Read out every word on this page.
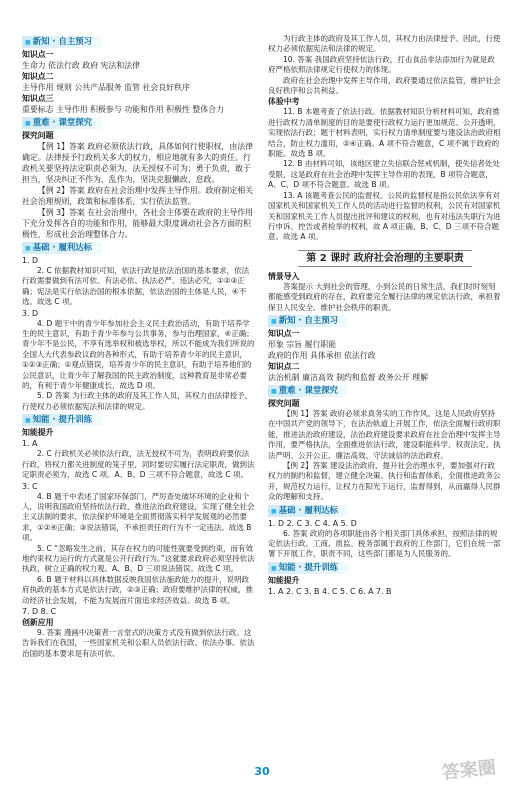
■ 新知 · 自主预习

知识点一

生命力 依法行政 政府 宪法和法律

知识点二

主导作用 规则 公共产品服务 监管 社会良好秩序

知识点三

重要标志 主导作用 积极参与 功能和作用 积极性 整体合力

■ 重难 · 课堂探究

探究问题

【例 1】答案 政府必须依法行政，具体如何行使职权，由法律确定。法律授予行政机关多大的权力，相应地就有多大的责任。行政机关要坚持法定职责必须为，法无授权不可为；勇于负责，敢于担当，坚决纠正不作为、乱作为，坚决克服懒政、怠政。

【例 2】答案 政府在社会治理中发挥主导作用。政府制定相关社会治理规则，政策和标准体系，实行依法监管。

【例 3】答案 在社会治理中，各社会主体要在政府的主导作用下充分发挥各自的功能和作用，能够最大限度调动社会各方面的积极性，形成社会治理整体合力。

■ 基础 · 履利达标

1. D

2. C 依据教材知识可知，依法行政是依法治国的基本要求，依法行政需要做到有法可依、有法必依、执法必严、违法必究，①②③正确；宪法是实行依法治国的根本依据，依法治国的主体是人民，④不选。故选 C 项。

3. D

4. D 题干中的青少年参加社会主义民主政治活动，有助于培养学生的民主意识，有助于青少年参与公共事务，参与治理国家，④正确；青少年不是公民，不享有选举权和被选举权，所以不能成为我们所说的全国人大代表参政议政的各种形式，有助于培养青少年的民主意识，①②③正确；①观点错误，培养青少年的民主意识，有助于培养他们的公民意识，让青少年了解我国的民主政治制度，这种教育是非常必要的，有利于青少年健康成长，故选 D 项。

5. D 答案 为行政主体的政府及其工作人员，其权力由法律授予，行使权力必须依据宪法和法律的规定。

■ 知能 · 提升训练

知能提升

1. A

2. C 行政机关必须依法行政，法无授权不可为，表明政府要依法行政，将权力都关进制度的笼子里，同时要切实履行法定职责，做到法定职责必须为，故选 C 项。A、B、D 三项不符合题意，故选 C 项。

3. C

4. B 题干中表述了国家环保部门，严厉查处破坏环境的企业和个人，说明我国政府坚持依法行政，推进法治政府建设，实现了健全社会主义法制的要求，依法保护环境是全面贯彻落实科学发展观的必然要求，①②④正确；③说法错误，不承担责任的行为不一定违法。故选 B 项。

5. C “忽略发生之前，其存在权力的可能性就要受到约束，而有效地约束权力运行的方式就是公开行政行为。”这就要求政府必须坚持依法执政，树立正确的权力观。A、B、D 三项说法错误。故选 C 项。

6. B 题干材料以具体数据反映我国依法施政能力的提升，说明政府执政的基本方式是依法行政，②③正确；政府要维护法律的权威，推动经济社会发展，不能为发展而片面追求经济效益。故选 B 项。

7. D 8. C

创新应用

9. 答案 漫画中决策者一言堂式的决策方式没有做到依法行政。这告诉我们在我国，一些国家机关和公职人员依法行政、依法办事。依法治国的基本要求是有法可依、

为行政主体的政府及其工作人员，其权力由法律授予。因此，行使权力必须依据宪法和法律的规定。

10. 答案 我国政府坚持依法行政，打击食品非法添加行为就是政府严格依照法律规定行使权力的体现。

政府在社会治理中发挥主导作用，政府要通过依法监管，维护社会良好秩序和公共利益。

体验中考

11. B 本题考查了依法行政。依据教材知识分析材料可知，政府推进行政权力清单制度的目的是要使行政权力运行更加规范、公开透明，实现依法行政；题干材料表明，实行权力清单制度要与建设法治政府相结合，防止权力滥用，②④正确。A 项不符合题意，C 项不属于政府的职能。故选 B 项。

12. B 由材料可知，该地区建立失信联合惩戒机制，使失信者处处受限，这是政府在社会治理中发挥主导作用的表现，B 项符合题意，A、C、D 项不符合题意。故选 B 项。

13. A 该题考查公民的监督权。公民的监督权是指公民依法享有对国家机关和国家机关工作人员的活动进行监督的权利，公民有对国家机关和国家机关工作人员提出批评和建议的权利，也有对违法失职行为进行申诉、控告或者检举的权利，故 A 项正确，B、C、D 三项不符合题意。故选 A 项。

第 2 课时 政府社会治理的主要职责
情景导入

答案提示 大到社会的管理，小到公民的日常生活，我们时时刻刻都能感受到政府的存在，政府要完全履行法律的规定依法行政，承担着保卫人民安全、维护社会秩序的职责。

■ 新知 · 自主预习

知识点一

形象 宗旨 履行职能

政府的作用 具体承担 依法行政

知识点二

法治机制 廉洁高效 制约和监督 政务公开 理解

■ 重难 · 课堂探究

探究问题

【例 1】答案 政府必须求真务实的工作作风。这是人民政府坚持在中国共产党的领导下，在法治轨道上开展工作，依法全面履行政府职能，推进法治政府建设，法治政府建设要求政府在社会治理中发挥主导作用，要严格执法，全面推进依法行政，建设职能科学、权责法定、执法严明、公开公正、廉洁高效、守法诚信的法治政府。

【例 2】答案 建设法治政府，提升社会治理水平，要加强对行政权力的制约和监督，建立健全决策、执行和监督体系，全面推进政务公开，规范权力运行，让权力在阳光下运行，监督得到，从而赢得人民群众的理解和支持。

■ 基础 · 履利达标

1. D 2. C 3. C 4. A 5. D

6. 答案 政府的各项职能由各个相关部门具体承担，按照法律的规定依法行政。工商、质监、税务部属于政府的工作部门，它们在统一部署下开展工作，职责不同，这些部门都是为人民服务的。

■ 知能 · 提升训练

知能提升

1. A 2. C 3. B 4. C 5. C 6. A 7. B

30	答案圈
